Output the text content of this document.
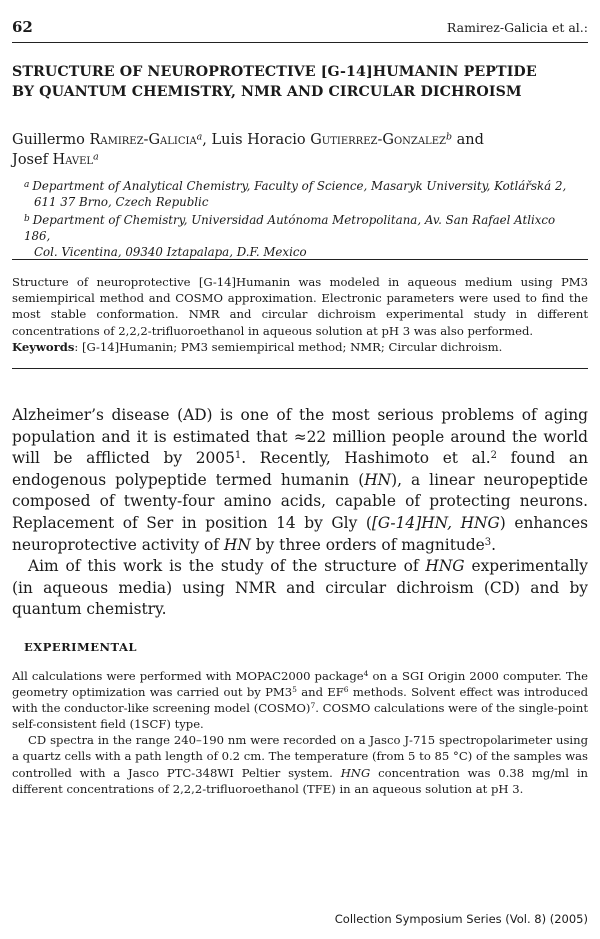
62	Ramirez-Galicia et al.:
STRUCTURE OF NEUROPROTECTIVE [G-14]HUMANIN PEPTIDE
BY QUANTUM CHEMISTRY, NMR AND CIRCULAR DICHROISM
Guillermo Ramirez-Galicia$^a$, Luis Horacio Gutierrez-Gonzalez$^b$ and
Josef Havel$^a$
$^a$ Department of Analytical Chemistry, Faculty of Science, Masaryk University, Kotlářská 2,
611 37 Brno, Czech Republic
$^b$ Department of Chemistry, Universidad Autónoma Metropolitana, Av. San Rafael Atlixco 186,
Col. Vicentina, 09340 Iztapalapa, D.F. Mexico

Structure of neuroprotective [G-14]Humanin was modeled in aqueous medium using PM3 semiempirical method and COSMO approximation. Electronic parameters were used to find the most stable conformation. NMR and circular dichroism experimental study in different concentrations of 2,2,2-trifluoroethanol in aqueous solution at pH 3 was also performed.

Keywords: [G-14]Humanin; PM3 semiempirical method; NMR; Circular dichroism.

Alzheimer’s disease (AD) is one of the most serious problems of aging population and it is estimated that ≈22 million people around the world will be afflicted by 2005$^1$. Recently, Hashimoto et al.$^2$ found an endogenous polypeptide termed humanin (HN), a linear neuropeptide composed of twenty-four amino acids, capable of protecting neurons. Replacement of Ser in position 14 by Gly ([G-14]HN, HNG) enhances neuroprotective activity of HN by three orders of magnitude$^3$.

Aim of this work is the study of the structure of HNG experimentally (in aqueous media) using NMR and circular dichroism (CD) and by quantum chemistry.

EXPERIMENTAL

All calculations were performed with MOPAC2000 package$^4$ on a SGI Origin 2000 computer. The geometry optimization was carried out by $PM3^5$ and $EF^6$ methods. Solvent effect was introduced with the conductor-like screening model (COSMO)$^7$. COSMO calculations were of the single-point self-consistent field (1SCF) type.

CD spectra in the range 240–190 nm were recorded on a Jasco J-715 spectropolarimeter using a quartz cells with a path length of 0.2 cm. The temperature (from 5 to 85 °C) of the samples was controlled with a Jasco PTC-348WI Peltier system. HNG concentration was 0.38 mg/ml in different concentrations of 2,2,2-trifluoroethanol (TFE) in an aqueous solution at pH 3.

Collection Symposium Series (Vol. 8) (2005)
